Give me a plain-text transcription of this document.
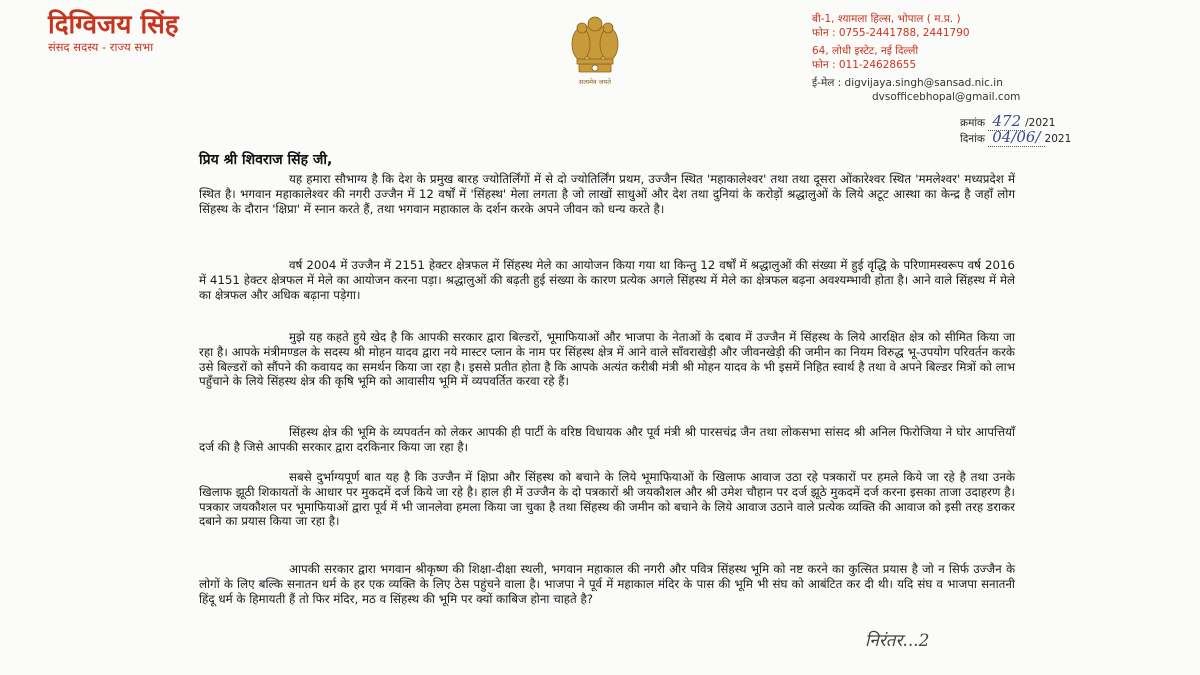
दिग्विजय सिंह
संसद सदस्य - राज्य सभा
सत्यमेव जयते
बी-1, श्यामला हिल्स, भोपाल ( म.प्र. )
फोन : 0755-2441788, 2441790
64, लोधी इस्टेट, नई दिल्ली
फोन : 011-24628655
ई-मेल : digvijaya.singh@sansad.nic.in
dvsofficebhopal@gmail.com
क्रमांक 472 /2021
दिनांक 04/06/ 2021
प्रिय श्री शिवराज सिंह जी,

यह हमारा सौभाग्य है कि देश के प्रमुख बारह ज्योतिर्लिंगों में से दो ज्योतिर्लिंग प्रथम, उज्जैन स्थित 'महाकालेश्वर' तथा तथा दूसरा ओंकारेश्वर स्थित 'ममलेश्वर' मध्यप्रदेश में स्थित है। भगवान महाकालेश्वर की नगरी उज्जैन में 12 वर्षों में 'सिंहस्थ' मेला लगता है जो लाखों साधुओं और देश तथा दुनियां के करोड़ों श्रद्धालुओं के लिये अटूट आस्था का केन्द्र है जहाँ लोग सिंहस्थ के दौरान 'क्षिप्रा' में स्नान करते हैं, तथा भगवान महाकाल के दर्शन करके अपने जीवन को धन्य करते है।

वर्ष 2004 में उज्जैन में 2151 हेक्टर क्षेत्रफल में सिंहस्थ मेले का आयोजन किया गया था किन्तु 12 वर्षों में श्रद्धालुओं की संख्या में हुई वृद्धि के परिणामस्वरूप वर्ष 2016 में 4151 हेक्टर क्षेत्रफल में मेले का आयोजन करना पड़ा। श्रद्धालुओं की बढ़ती हुई संख्या के कारण प्रत्येक अगले सिंहस्थ में मेले का क्षेत्रफल बढ़ना अवश्यम्भावी होता है। आने वाले सिंहस्थ में मेले का क्षेत्रफल और अधिक बढ़ाना पड़ेगा।

मुझे यह कहते हुये खेद है कि आपकी सरकार द्वारा बिल्डरों, भूमाफियाओं और भाजपा के नेताओं के दबाव में उज्जैन में सिंहस्थ के लिये आरक्षित क्षेत्र को सीमित किया जा रहा है। आपके मंत्रीमण्डल के सदस्य श्री मोहन यादव द्वारा नये मास्टर प्लान के नाम पर सिंहस्थ क्षेत्र में आने वाले साँवराखेड़ी और जीवनखेड़ी की जमीन का नियम विरुद्ध भू-उपयोग परिवर्तन करके उसे बिल्डरों को सौंपने की कवायद का समर्थन किया जा रहा है। इससे प्रतीत होता है कि आपके अत्यंत करीबी मंत्री श्री मोहन यादव के भी इसमें निहित स्वार्थ है तथा वे अपने बिल्डर मित्रों को लाभ पहुँचाने के लिये सिंहस्थ क्षेत्र की कृषि भूमि को आवासीय भूमि में व्यपवर्तित करवा रहे हैं।

सिंहस्थ क्षेत्र की भूमि के व्यपवर्तन को लेकर आपकी ही पार्टी के वरिष्ठ विधायक और पूर्व मंत्री श्री पारसचंद्र जैन तथा लोकसभा सांसद श्री अनिल फिरोजिया ने घोर आपत्तियाँ दर्ज की है जिसे आपकी सरकार द्वारा दरकिनार किया जा रहा है।

सबसे दुर्भाग्यपूर्ण बात यह है कि उज्जैन में क्षिप्रा और सिंहस्थ को बचाने के लिये भूमाफियाओं के खिलाफ आवाज उठा रहे पत्रकारों पर हमले किये जा रहे है तथा उनके खिलाफ झूठी शिकायतों के आधार पर मुकदमें दर्ज किये जा रहे है। हाल ही में उज्जैन के दो पत्रकारों श्री जयकौशल और श्री उमेश चौहान पर दर्ज झूठे मुकदमें दर्ज करना इसका ताजा उदाहरण है। पत्रकार जयकौशल पर भूमाफियाओं द्वारा पूर्व में भी जानलेवा हमला किया जा चुका है तथा सिंहस्थ की जमीन को बचाने के लिये आवाज उठाने वाले प्रत्येक व्यक्ति की आवाज को इसी तरह डराकर दबाने का प्रयास किया जा रहा है।

आपकी सरकार द्वारा भगवान श्रीकृष्ण की शिक्षा-दीक्षा स्थली, भगवान महाकाल की नगरी और पवित्र सिंहस्थ भूमि को नष्ट करने का कुत्सित प्रयास है जो न सिर्फ उज्जैन के लोगों के लिए बल्कि सनातन धर्म के हर एक व्यक्ति के लिए ठेस पहुंचने वाला है। भाजपा ने पूर्व में महाकाल मंदिर के पास की भूमि भी संघ को आबंटित कर दी थी। यदि संघ व भाजपा सनातनी हिंदू धर्म के हिमायती हैं तो फिर मंदिर, मठ व सिंहस्थ की भूमि पर क्यों काबिज होना चाहते है?

निरंतर...2
